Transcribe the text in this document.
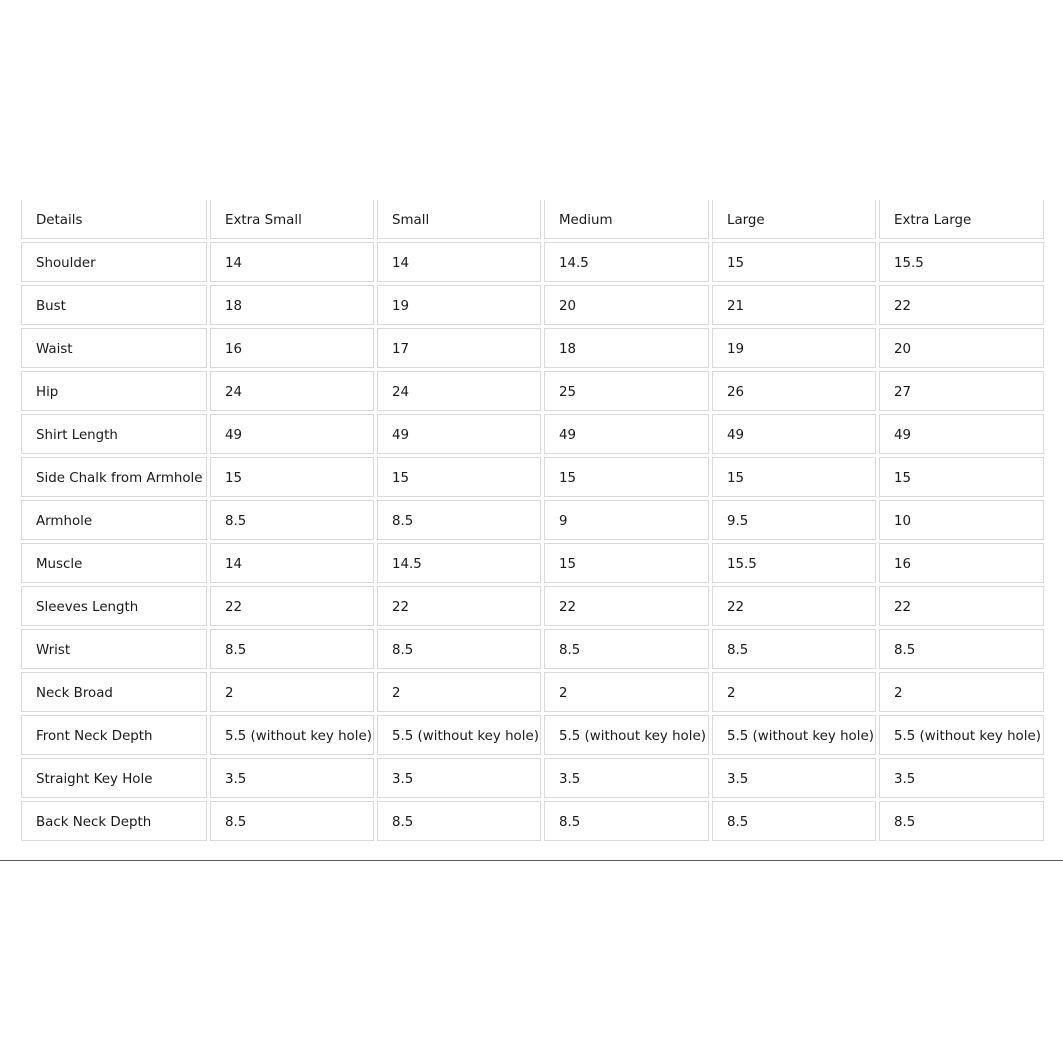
Details	Extra Small	Small	Medium	Large	Extra Large
Shoulder	14	14	14.5	15	15.5
Bust	18	19	20	21	22
Waist	16	17	18	19	20
Hip	24	24	25	26	27
Shirt Length	49	49	49	49	49
Side Chalk from Armhole	15	15	15	15	15
Armhole	8.5	8.5	9	9.5	10
Muscle	14	14.5	15	15.5	16
Sleeves Length	22	22	22	22	22
Wrist	8.5	8.5	8.5	8.5	8.5
Neck Broad	2	2	2	2	2
Front Neck Depth	5.5 (without key hole)	5.5 (without key hole)	5.5 (without key hole)	5.5 (without key hole)	5.5 (without key hole)
Straight Key Hole	3.5	3.5	3.5	3.5	3.5
Back Neck Depth	8.5	8.5	8.5	8.5	8.5
